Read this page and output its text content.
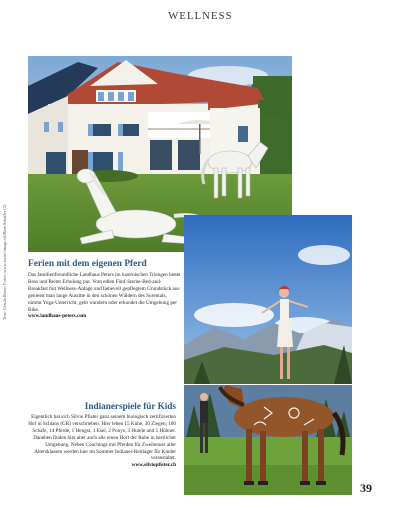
WELLNESS
Text: Ursula Borer; Fotos: www.swiss-image.ch/Beat Schaller (2)	Ferien mit dem eigenen Pferd

Das familienfreundliche Landhaus Peters im luzernischen Triengen bietet Ross und Reiter Erholung pur. Vom edlen Fünf-Sterne-Bed-and-Breakfast mit Wellness-Anlage und liebevoll gepflegtem Grundstück aus geniesst man lange Ausritte in den schönen Wäldern des Surentals, nimmt Yoga-Unterricht, geht wandern oder erkundet die Umgebung per Bike.
www.landhaus-peters.com

Indianerspiele für Kids

Eigentlich hat sich Silvio Pfister ganz seinem biologisch zertifizierten Hof in Schlans (GR) verschrieben. Hier leben 15 Kühe, 30 Ziegen, 100 Schafe, 14 Pferde, 1 Hengst, 1 Esel, 2 Ponys, 3 Hunde und 5 Hühner. Daneben finden hier aber auch alle einen Hort der Ruhe in herrlicher Umgebung. Neben Coachings mit Pferden für Zweibeiner aller Altersklassen werden hier im Sommer Indianer-Reitlager für Kinder veranstaltet.
www.silviopfister.ch

39
